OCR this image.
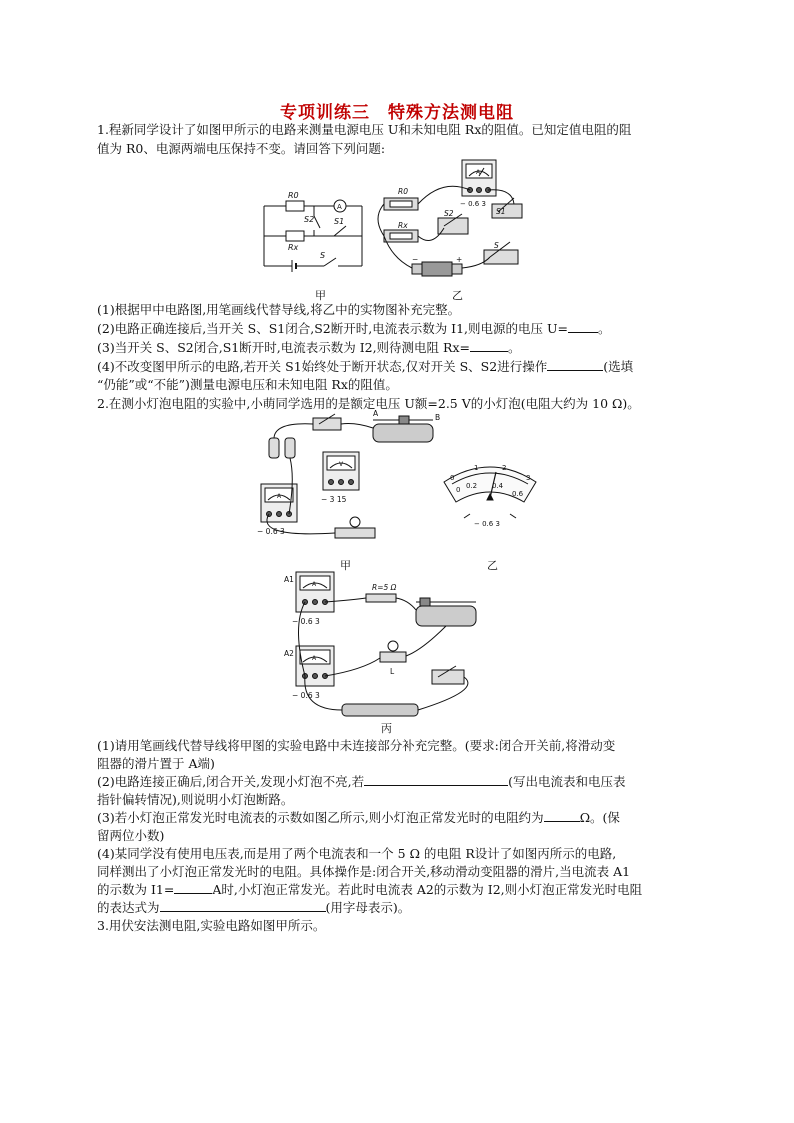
专项训练三　特殊方法测电阻
1.程新同学设计了如图甲所示的电路来测量电源电压 U和未知电阻 Rx的阻值。已知定值电阻的阻
值为 R0、电源两端电压保持不变。请回答下列问题:
R0
A
S2 S1
Rx
S
R0
A
− 0.6 3
S2	S1
Rx
S
−	+
甲	乙
(1)根据甲中电路图,用笔画线代替导线,将乙中的实物图补充完整。
(2)电路正确连接后,当开关 S、S1闭合,S2断开时,电流表示数为 I1,则电源的电压 U= 。
(3)当开关 S、S2闭合,S1断开时,电流表示数为 I2,则待测电阻 Rx=	。
(4)不改变图甲所示的电路,若开关 S1始终处于断开状态,仅对开关 S、S2进行操作	(选填
“仍能”或“不能”)测量电源电压和未知电阻 Rx的阻值。
2.在测小灯泡电阻的实验中,小萌同学选用的是额定电压 U额=2.5 V的小灯泡(电阻大约为 10 Ω)。
A	B
V
A	− 3 15
− 0.6 3
0
1	2
3
0 0.2 0.4
0.6
− 0.6 3
甲	乙
A1
A
− 0.6 3
R=5 Ω
A2
A
− 0.6 3
L
丙
(1)请用笔画线代替导线将甲图的实验电路中未连接部分补充完整。(要求:闭合开关前,将滑动变
阻器的滑片置于 A端)
(2)电路连接正确后,闭合开关,发现小灯泡不亮,若	(写出电流表和电压表
指针偏转情况),则说明小灯泡断路。
(3)若小灯泡正常发光时电流表的示数如图乙所示,则小灯泡正常发光时的电阻约为	Ω。(保
留两位小数)
(4)某同学没有使用电压表,而是用了两个电流表和一个 5 Ω 的电阻 R设计了如图丙所示的电路,
同样测出了小灯泡正常发光时的电阻。具体操作是:闭合开关,移动滑动变阻器的滑片,当电流表 A1
的示数为 I1=	A时,小灯泡正常发光。若此时电流表 A2的示数为 I2,则小灯泡正常发光时电阻
的表达式为	(用字母表示)。
3.用伏安法测电阻,实验电路如图甲所示。
